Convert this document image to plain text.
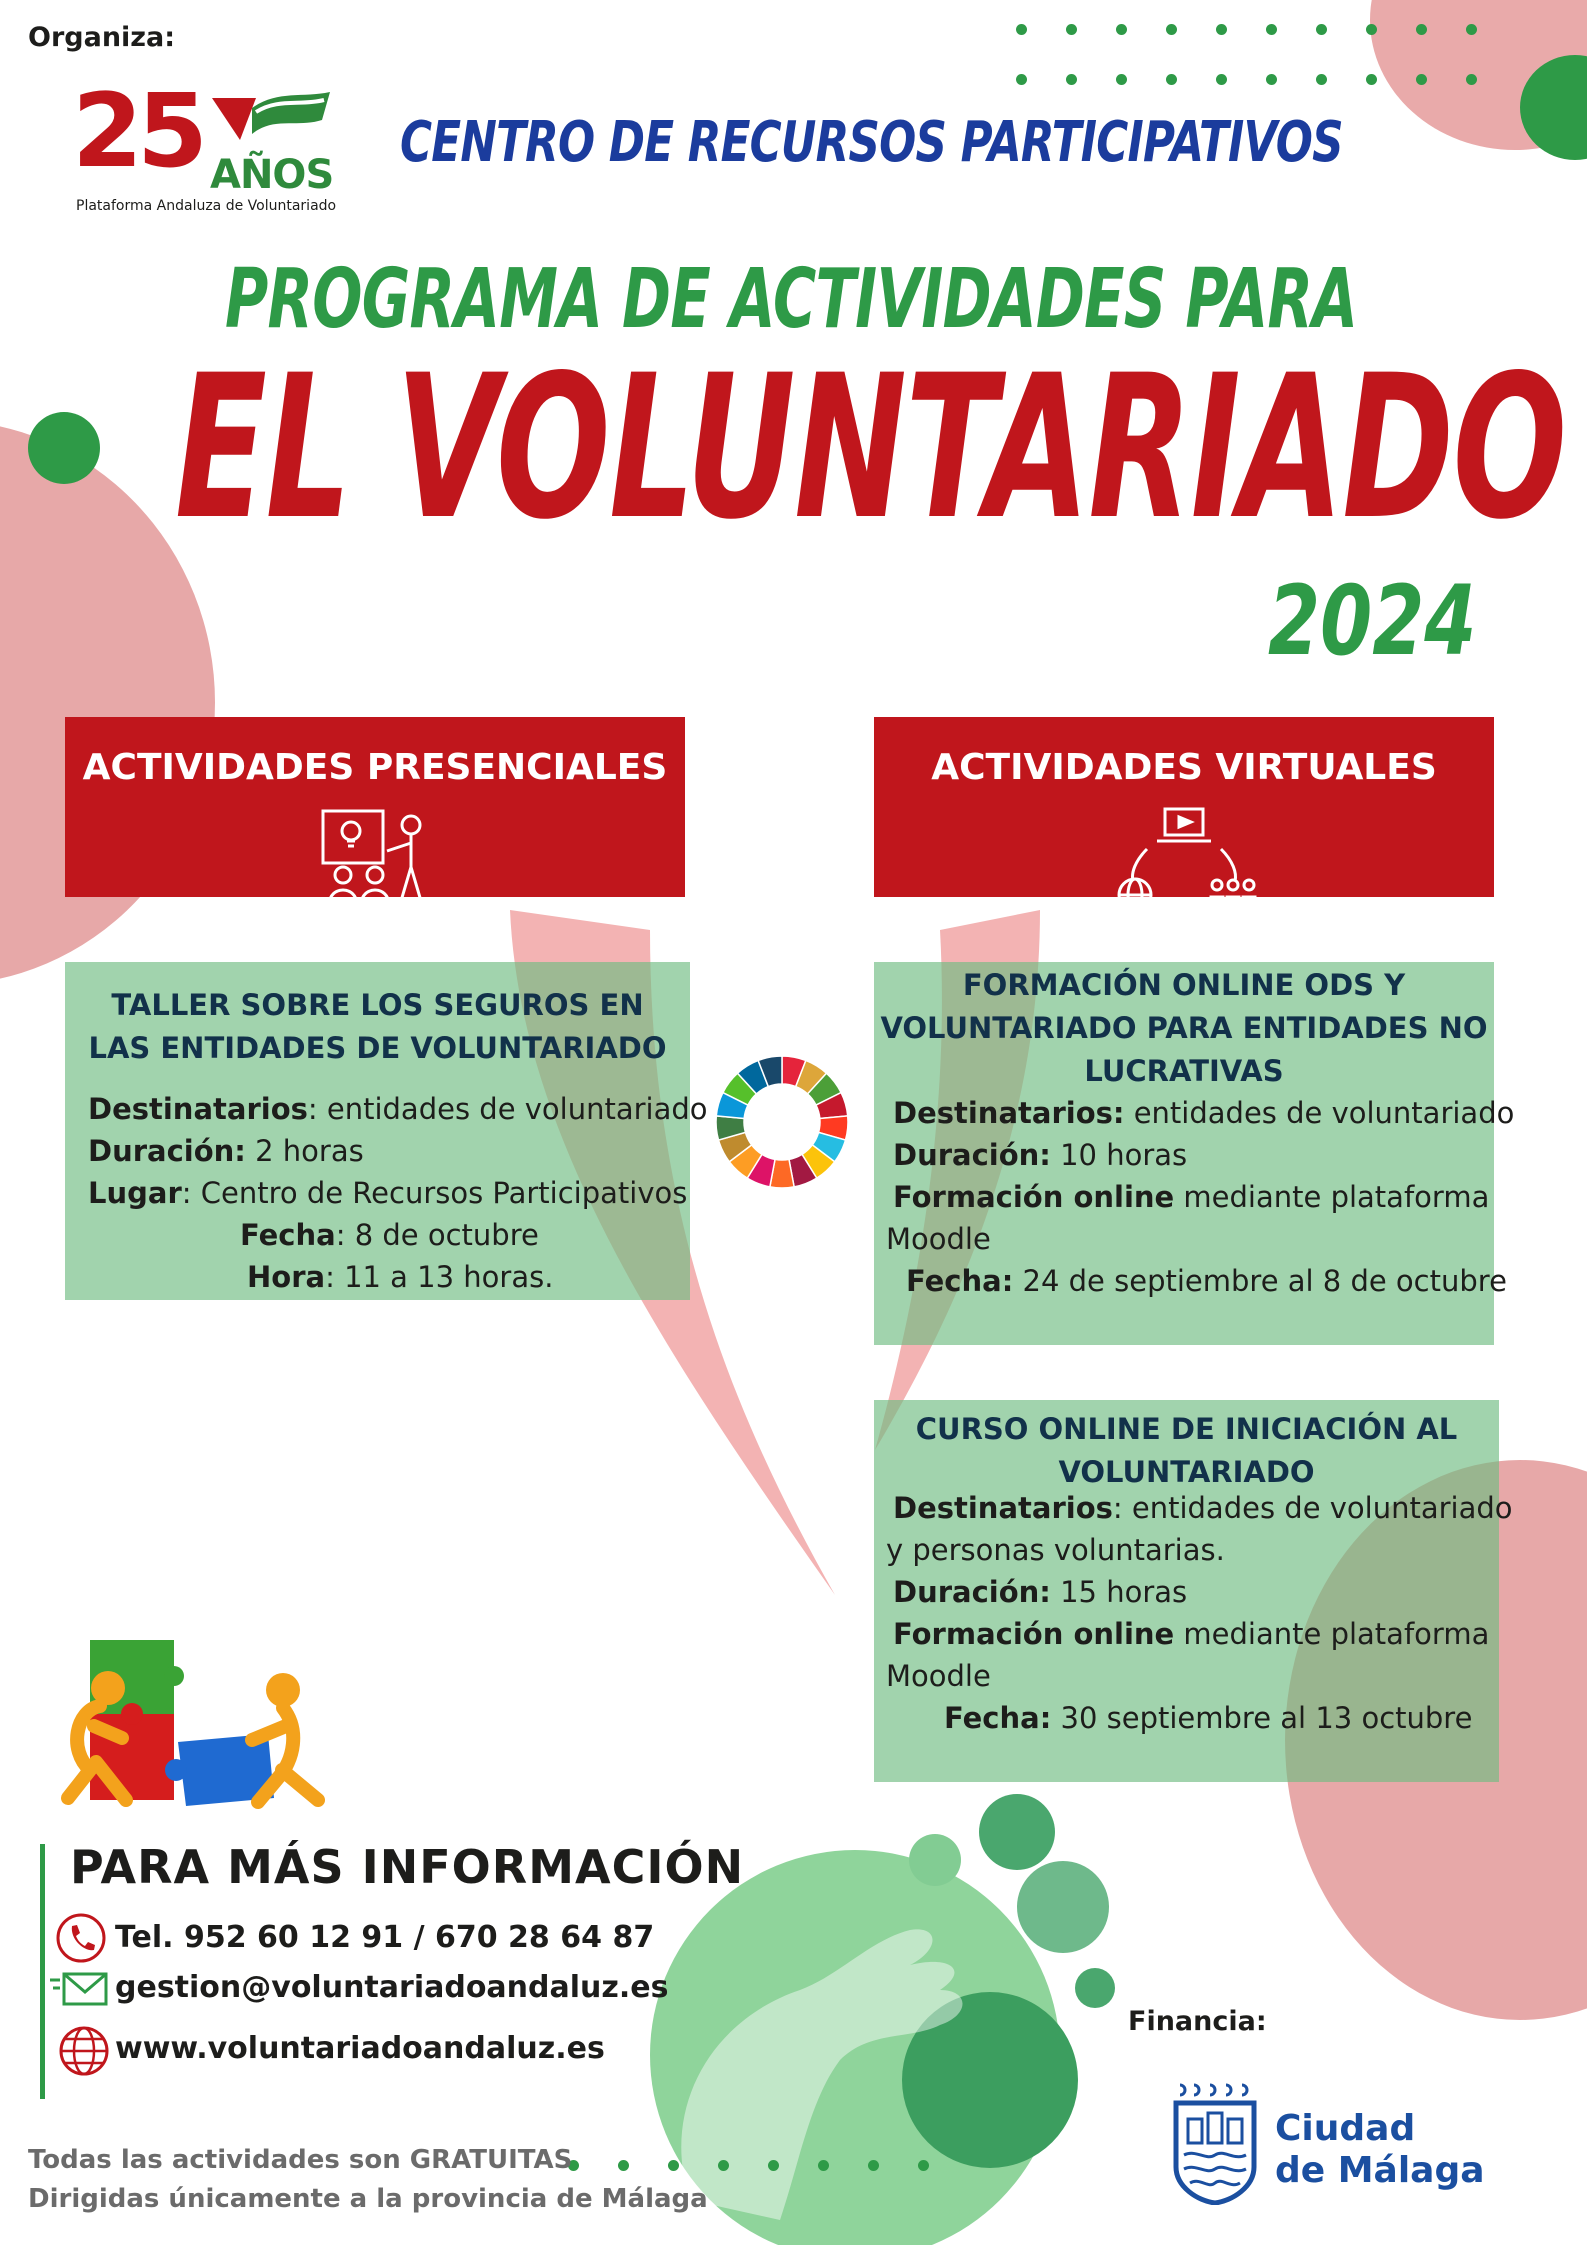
Organiza:
25 AÑOS
Plataforma Andaluza de Voluntariado
CENTRO DE RECURSOS PARTICIPATIVOS
PROGRAMA DE ACTIVIDADES PARA
EL VOLUNTARIADO
2024
ACTIVIDADES PRESENCIALES	ACTIVIDADES VIRTUALES
TALLER SOBRE LOS SEGUROS EN
LAS ENTIDADES DE VOLUNTARIADO
Destinatarios: entidades de voluntariado
Duración: 2 horas
Lugar: Centro de Recursos Participativos
Fecha: 8 de octubre
Hora: 11 a 13 horas.
FORMACIÓN ONLINE ODS Y
VOLUNTARIADO PARA ENTIDADES NO
LUCRATIVAS
Destinatarios: entidades de voluntariado
Duración: 10 horas
Formación online mediante plataforma
Moodle
Fecha: 24 de septiembre al 8 de octubre
CURSO ONLINE DE INICIACIÓN AL
VOLUNTARIADO
Destinatarios: entidades de voluntariado
y personas voluntarias.
Duración: 15 horas
Formación online mediante plataforma
Moodle
Fecha: 30 septiembre al 13 octubre
PARA MÁS INFORMACIÓN
Tel. 952 60 12 91 / 670 28 64 87
gestion@voluntariadoandaluz.es
www.voluntariadoandaluz.es
Todas las actividades son GRATUITAS
Dirigidas únicamente a la provincia de Málaga
Financia:
Ciudad
de Málaga
